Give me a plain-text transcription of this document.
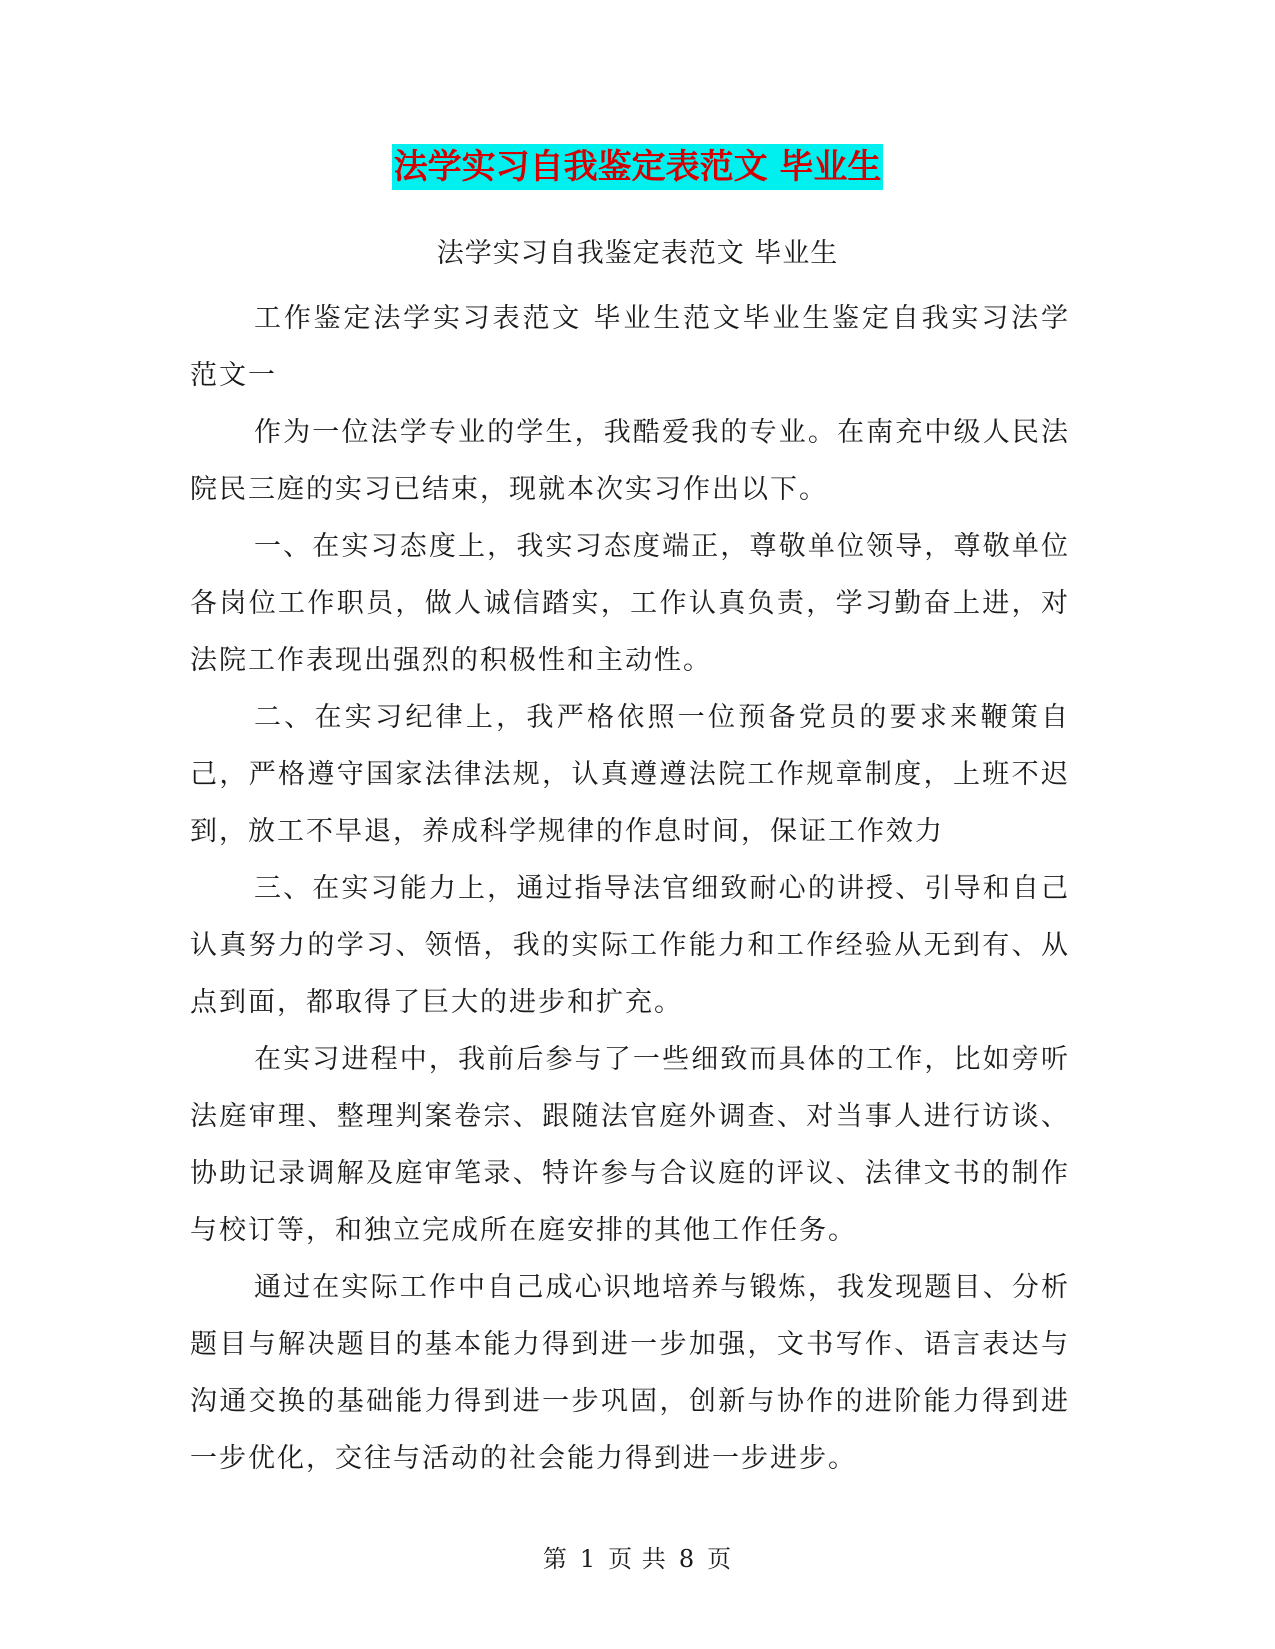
法学实习自我鉴定表范文 毕业生
法学实习自我鉴定表范文 毕业生

工作鉴定法学实习表范文 毕业生范文毕业生鉴定自我实习法学范文一

作为一位法学专业的学生，我酷爱我的专业。在南充中级人民法院民三庭的实习已结束，现就本次实习作出以下。

一、在实习态度上，我实习态度端正，尊敬单位领导，尊敬单位各岗位工作职员，做人诚信踏实，工作认真负责，学习勤奋上进，对法院工作表现出强烈的积极性和主动性。

二、在实习纪律上，我严格依照一位预备党员的要求来鞭策自己，严格遵守国家法律法规，认真遵遵法院工作规章制度，上班不迟到，放工不早退，养成科学规律的作息时间，保证工作效力

三、在实习能力上，通过指导法官细致耐心的讲授、引导和自己认真努力的学习、领悟，我的实际工作能力和工作经验从无到有、从点到面，都取得了巨大的进步和扩充。

在实习进程中，我前后参与了一些细致而具体的工作，比如旁听法庭审理、整理判案卷宗、跟随法官庭外调查、对当事人进行访谈、协助记录调解及庭审笔录、特许参与合议庭的评议、法律文书的制作与校订等，和独立完成所在庭安排的其他工作任务。

通过在实际工作中自己成心识地培养与锻炼，我发现题目、分析题目与解决题目的基本能力得到进一步加强，文书写作、语言表达与沟通交换的基础能力得到进一步巩固，创新与协作的进阶能力得到进一步优化，交往与活动的社会能力得到进一步进步。

第 1 页 共 8 页
